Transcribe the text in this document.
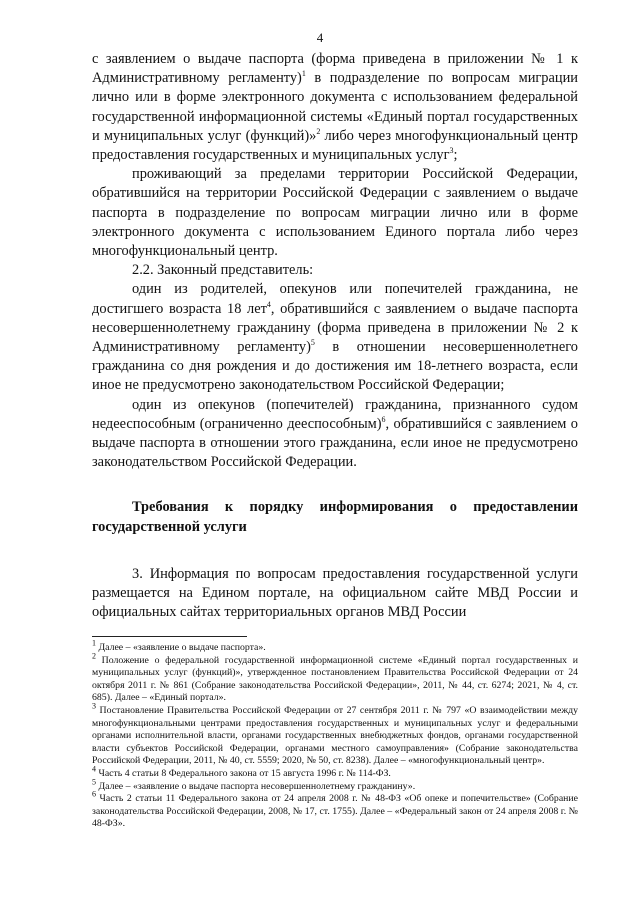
4

с заявлением о выдаче паспорта (форма приведена в приложении № 1 к Административному регламенту)$^1$ в подразделение по вопросам миграции лично или в форме электронного документа с использованием федеральной государственной информационной системы «Единый портал государственных и муниципальных услуг (функций)»$^2$ либо через многофункциональный центр предоставления государственных и муниципальных услуг$^3$;

проживающий за пределами территории Российской Федерации, обратившийся на территории Российской Федерации с заявлением о выдаче паспорта в подразделение по вопросам миграции лично или в форме электронного документа с использованием Единого портала либо через многофункциональный центр.

2.2. Законный представитель:

один из родителей, опекунов или попечителей гражданина, не достигшего возраста 18 лет$^4$, обратившийся с заявлением о выдаче паспорта несовершеннолетнему гражданину (форма приведена в приложении № 2 к Административному регламенту)$^5$ в отношении несовершеннолетнего гражданина со дня рождения и до достижения им 18-летнего возраста, если иное не предусмотрено законодательством Российской Федерации;

один из опекунов (попечителей) гражданина, признанного судом недееспособным (ограниченно дееспособным)$^6$, обратившийся с заявлением о выдаче паспорта в отношении этого гражданина, если иное не предусмотрено законодательством Российской Федерации.

Требования к порядку информирования о предоставлении государственной услуги

3. Информация по вопросам предоставления государственной услуги размещается на Едином портале, на официальном сайте МВД России и официальных сайтах территориальных органов МВД России

$^1$ Далее – «заявление о выдаче паспорта».

$^2$ Положение о федеральной государственной информационной системе «Единый портал государственных и муниципальных услуг (функций)», утвержденное постановлением Правительства Российской Федерации от 24 октября 2011 г. № 861 (Собрание законодательства Российской Федерации», 2011, № 44, ст. 6274; 2021, № 4, ст. 685). Далее – «Единый портал».

$^3$ Постановление Правительства Российской Федерации от 27 сентября 2011 г. № 797 «О взаимодействии между многофункциональными центрами предоставления государственных и муниципальных услуг и федеральными органами исполнительной власти, органами государственных внебюджетных фондов, органами государственной власти субъектов Российской Федерации, органами местного самоуправления» (Собрание законодательства Российской Федерации, 2011, № 40, ст. 5559; 2020, № 50, ст. 8238). Далее – «многофункциональный центр».

$^4$ Часть 4 статьи 8 Федерального закона от 15 августа 1996 г. № 114-ФЗ.

$^5$ Далее – «заявление о выдаче паспорта несовершеннолетнему гражданину».

$^6$ Часть 2 статьи 11 Федерального закона от 24 апреля 2008 г. № 48-ФЗ «Об опеке и попечительстве» (Собрание законодательства Российской Федерации, 2008, № 17, ст. 1755). Далее – «Федеральный закон от 24 апреля 2008 г. № 48-ФЗ».
